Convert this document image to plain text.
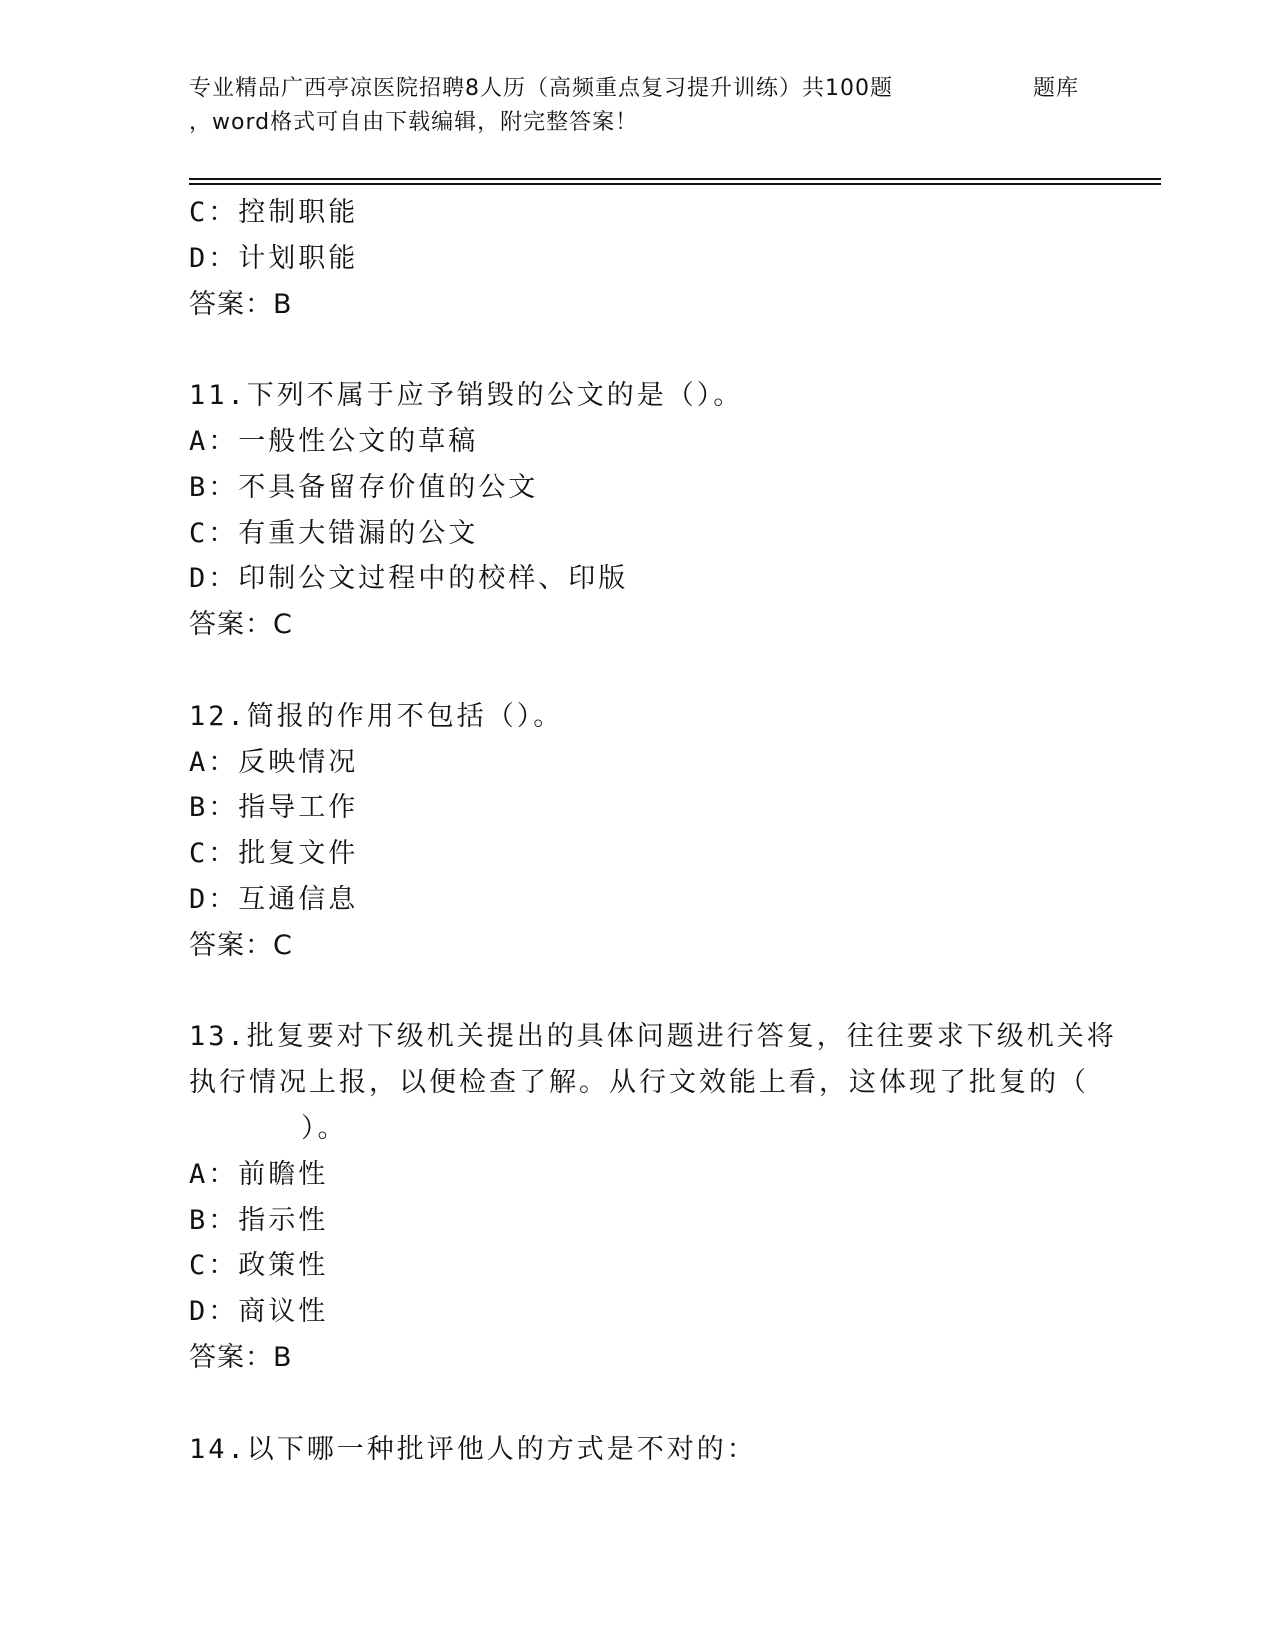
专业精品广西亭凉医院招聘8人历（高频重点复习提升训练）共100题
，word格式可自由下载编辑，附完整答案！
题库
C：控制职能
D：计划职能
答案：B
11.下列不属于应予销毁的公文的是（）。
A：一般性公文的草稿
B：不具备留存价值的公文
C：有重大错漏的公文
D：印制公文过程中的校样、印版
答案：C
12.简报的作用不包括（）。
A：反映情况
B：指导工作
C：批复文件
D：互通信息
答案：C
13.批复要对下级机关提出的具体问题进行答复，往往要求下级机关将
执行情况上报，以便检查了解。从行文效能上看，这体现了批复的（
）。
A：前瞻性
B：指示性
C：政策性
D：商议性
答案：B
14.以下哪一种批评他人的方式是不对的：
